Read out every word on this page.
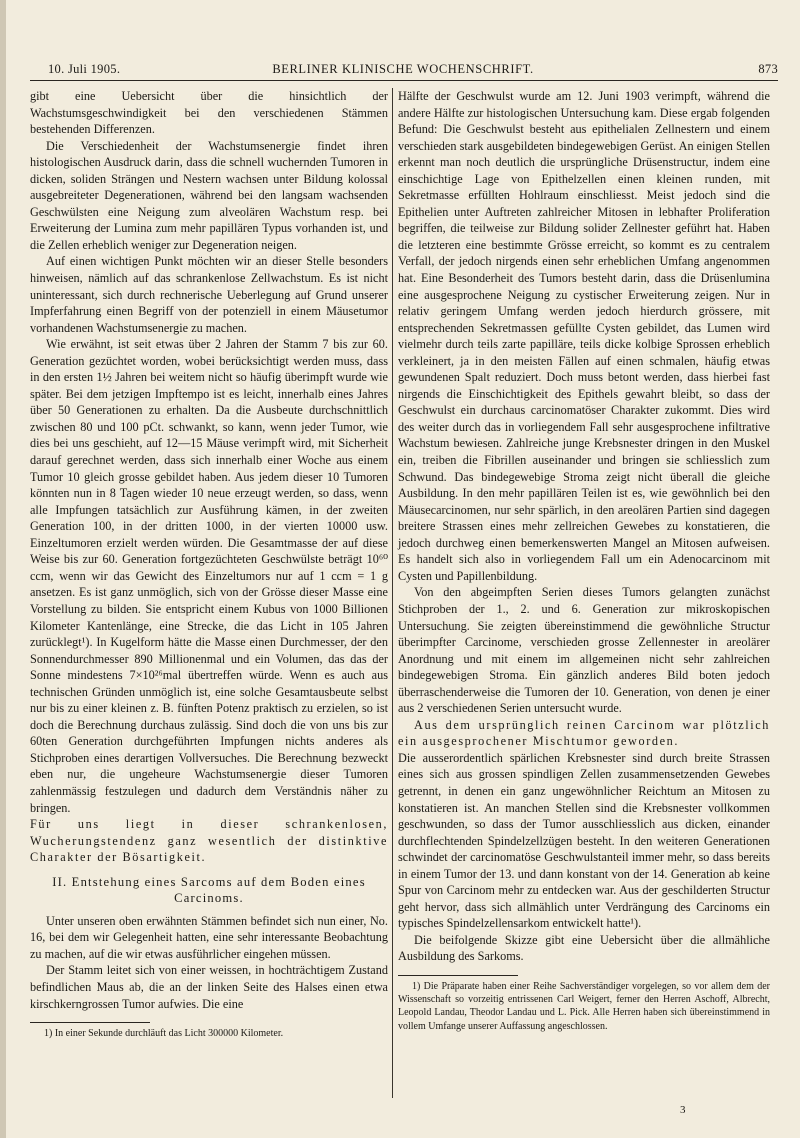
10. Juli 1905.	BERLINER KLINISCHE WOCHENSCHRIFT.	873

gibt eine Uebersicht über die hinsichtlich der Wachstumsgeschwindigkeit bei den verschiedenen Stämmen bestehenden Differenzen.

Die Verschiedenheit der Wachstumsenergie findet ihren histologischen Ausdruck darin, dass die schnell wuchernden Tumoren in dicken, soliden Strängen und Nestern wachsen unter Bildung kolossal ausgebreiteter Degenerationen, während bei den langsam wachsenden Geschwülsten eine Neigung zum alveolären Wachstum resp. bei Erweiterung der Lumina zum mehr papillären Typus vorhanden ist, und die Zellen erheblich weniger zur Degeneration neigen.

Auf einen wichtigen Punkt möchten wir an dieser Stelle besonders hinweisen, nämlich auf das schrankenlose Zellwachstum. Es ist nicht uninteressant, sich durch rechnerische Ueberlegung auf Grund unserer Impferfahrung einen Begriff von der potenziell in einem Mäusetumor vorhandenen Wachstumsenergie zu machen.

Wie erwähnt, ist seit etwas über 2 Jahren der Stamm 7 bis zur 60. Generation gezüchtet worden, wobei berücksichtigt werden muss, dass in den ersten 1½ Jahren bei weitem nicht so häufig überimpft wurde wie später. Bei dem jetzigen Impftempo ist es leicht, innerhalb eines Jahres über 50 Generationen zu erhalten. Da die Ausbeute durchschnittlich zwischen 80 und 100 pCt. schwankt, so kann, wenn jeder Tumor, wie dies bei uns geschieht, auf 12—15 Mäuse verimpft wird, mit Sicherheit darauf gerechnet werden, dass sich innerhalb einer Woche aus einem Tumor 10 gleich grosse gebildet haben. Aus jedem dieser 10 Tumoren könnten nun in 8 Tagen wieder 10 neue erzeugt werden, so dass, wenn alle Impfungen tatsächlich zur Ausführung kämen, in der zweiten Generation 100, in der dritten 1000, in der vierten 10000 usw. Einzeltumoren erzielt werden würden. Die Gesamtmasse der auf diese Weise bis zur 60. Generation fortgezüchteten Geschwülste beträgt 10⁶⁰ ccm, wenn wir das Gewicht des Einzeltumors nur auf 1 ccm = 1 g ansetzen. Es ist ganz unmöglich, sich von der Grösse dieser Masse eine Vorstellung zu bilden. Sie entspricht einem Kubus von 1000 Billionen Kilometer Kantenlänge, eine Strecke, die das Licht in 105 Jahren zurücklegt¹). In Kugelform hätte die Masse einen Durchmesser, der den Sonnendurchmesser 890 Millionenmal und ein Volumen, das das der Sonne mindestens 7×10²⁶mal übertreffen würde. Wenn es auch aus technischen Gründen unmöglich ist, eine solche Gesamtausbeute selbst nur bis zu einer kleinen z. B. fünften Potenz praktisch zu erzielen, so ist doch die Berechnung durchaus zulässig. Sind doch die von uns bis zur 60ten Generation durchgeführten Impfungen nichts anderes als Stichproben eines derartigen Vollversuches. Die Berechnung bezweckt eben nur, die ungeheure Wachstumsenergie dieser Tumoren zahlenmässig festzulegen und dadurch dem Verständnis näher zu bringen.

Für uns liegt in dieser schrankenlosen, Wucherungstendenz ganz wesentlich der distinktive Charakter der Bösartigkeit.

II. Entstehung eines Sarcoms auf dem Boden eines
Carcinoms.

Unter unseren oben erwähnten Stämmen befindet sich nun einer, No. 16, bei dem wir Gelegenheit hatten, eine sehr interessante Beobachtung zu machen, auf die wir etwas ausführlicher eingehen müssen.

Der Stamm leitet sich von einer weissen, in hochträchtigem Zustand befindlichen Maus ab, die an der linken Seite des Halses einen etwa kirschkerngrossen Tumor aufwies. Die eine

1) In einer Sekunde durchläuft das Licht 300000 Kilometer.

Hälfte der Geschwulst wurde am 12. Juni 1903 verimpft, während die andere Hälfte zur histologischen Untersuchung kam. Diese ergab folgenden Befund: Die Geschwulst besteht aus epithelialen Zellnestern und einem verschieden stark ausgebildeten bindegewebigen Gerüst. An einigen Stellen erkennt man noch deutlich die ursprüngliche Drüsenstructur, indem eine einschichtige Lage von Epithelzellen einen kleinen runden, mit Sekretmasse erfüllten Hohlraum einschliesst. Meist jedoch sind die Epithelien unter Auftreten zahlreicher Mitosen in lebhafter Proliferation begriffen, die teilweise zur Bildung solider Zellnester geführt hat. Haben die letzteren eine bestimmte Grösse erreicht, so kommt es zu centralem Verfall, der jedoch nirgends einen sehr erheblichen Umfang angenommen hat. Eine Besonderheit des Tumors besteht darin, dass die Drüsenlumina eine ausgesprochene Neigung zu cystischer Erweiterung zeigen. Nur in relativ geringem Umfang werden jedoch hierdurch grössere, mit entsprechenden Sekretmassen gefüllte Cysten gebildet, das Lumen wird vielmehr durch teils zarte papilläre, teils dicke kolbige Sprossen erheblich verkleinert, ja in den meisten Fällen auf einen schmalen, häufig etwas gewundenen Spalt reduziert. Doch muss betont werden, dass hierbei fast nirgends die Einschichtigkeit des Epithels gewahrt bleibt, so dass der Geschwulst ein durchaus carcinomatöser Charakter zukommt. Dies wird des weiter durch das in vorliegendem Fall sehr ausgesprochene infiltrative Wachstum bewiesen. Zahlreiche junge Krebsnester dringen in den Muskel ein, treiben die Fibrillen auseinander und bringen sie schliesslich zum Schwund. Das bindegewebige Stroma zeigt nicht überall die gleiche Ausbildung. In den mehr papillären Teilen ist es, wie gewöhnlich bei den Mäusecarcinomen, nur sehr spärlich, in den areolären Partien sind dagegen breitere Strassen eines mehr zellreichen Gewebes zu konstatieren, die jedoch durchweg einen bemerkenswerten Mangel an Mitosen aufweisen. Es handelt sich also in vorliegendem Fall um ein Adenocarcinom mit Cysten und Papillenbildung.

Von den abgeimpften Serien dieses Tumors gelangten zunächst Stichproben der 1., 2. und 6. Generation zur mikroskopischen Untersuchung. Sie zeigten übereinstimmend die gewöhnliche Structur überimpfter Carcinome, verschieden grosse Zellennester in areolärer Anordnung und mit einem im allgemeinen nicht sehr zahlreichen bindegewebigen Stroma. Ein gänzlich anderes Bild boten jedoch überraschenderweise die Tumoren der 10. Generation, von denen je einer aus 2 verschiedenen Serien untersucht wurde.

Aus dem ursprünglich reinen Carcinom war plötzlich ein ausgesprochener Mischtumor geworden.

Die ausserordentlich spärlichen Krebsnester sind durch breite Strassen eines sich aus grossen spindligen Zellen zusammensetzenden Gewebes getrennt, in denen ein ganz ungewöhnlicher Reichtum an Mitosen zu konstatieren ist. An manchen Stellen sind die Krebsnester vollkommen geschwunden, so dass der Tumor ausschliesslich aus dicken, einander durchflechtenden Spindelzellzügen besteht. In den weiteren Generationen schwindet der carcinomatöse Geschwulstanteil immer mehr, so dass bereits in einem Tumor der 13. und dann konstant von der 14. Generation ab keine Spur von Carcinom mehr zu entdecken war. Aus der geschilderten Structur geht hervor, dass sich allmählich unter Verdrängung des Carcinoms ein typisches Spindelzellensarkom entwickelt hatte¹).

Die beifolgende Skizze gibt eine Uebersicht über die allmähliche Ausbildung des Sarkoms.

1) Die Präparate haben einer Reihe Sachverständiger vorgelegen, so vor allem dem der Wissenschaft so vorzeitig entrissenen Carl Weigert, ferner den Herren Aschoff, Albrecht, Leopold Landau, Theodor Landau und L. Pick. Alle Herren haben sich übereinstimmend in vollem Umfange unserer Auffassung angeschlossen.

3
